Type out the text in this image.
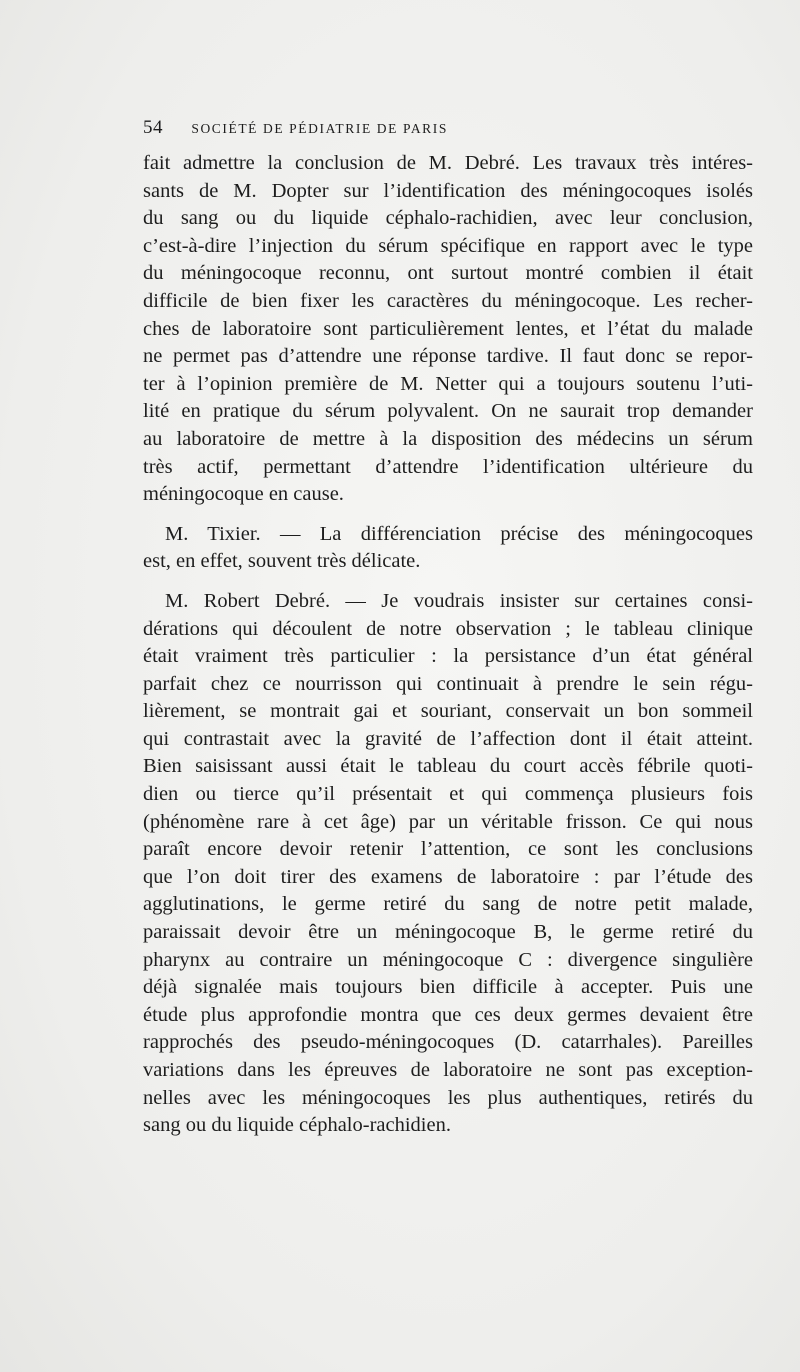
54 SOCIÉTÉ DE PÉDIATRIE DE PARIS
fait admettre la conclusion de M. Debré. Les travaux très intéres-
sants de M. Dopter sur l’identification des méningocoques isolés
du sang ou du liquide céphalo-rachidien, avec leur conclusion,
c’est-à-dire l’injection du sérum spécifique en rapport avec le type
du méningocoque reconnu, ont surtout montré combien il était
difficile de bien fixer les caractères du méningocoque. Les recher-
ches de laboratoire sont particulièrement lentes, et l’état du malade
ne permet pas d’attendre une réponse tardive. Il faut donc se repor-
ter à l’opinion première de M. Netter qui a toujours soutenu l’uti-
lité en pratique du sérum polyvalent. On ne saurait trop demander
au laboratoire de mettre à la disposition des médecins un sérum
très actif, permettant d’attendre l’identification ultérieure du
méningocoque en cause.
M. Tixier. — La différenciation précise des méningocoques
est, en effet, souvent très délicate.
M. Robert Debré. — Je voudrais insister sur certaines consi-
dérations qui découlent de notre observation ; le tableau clinique
était vraiment très particulier : la persistance d’un état général
parfait chez ce nourrisson qui continuait à prendre le sein régu-
lièrement, se montrait gai et souriant, conservait un bon sommeil
qui contrastait avec la gravité de l’affection dont il était atteint.
Bien saisissant aussi était le tableau du court accès fébrile quoti-
dien ou tierce qu’il présentait et qui commença plusieurs fois
(phénomène rare à cet âge) par un véritable frisson. Ce qui nous
paraît encore devoir retenir l’attention, ce sont les conclusions
que l’on doit tirer des examens de laboratoire : par l’étude des
agglutinations, le germe retiré du sang de notre petit malade,
paraissait devoir être un méningocoque B, le germe retiré du
pharynx au contraire un méningocoque C : divergence singulière
déjà signalée mais toujours bien difficile à accepter. Puis une
étude plus approfondie montra que ces deux germes devaient être
rapprochés des pseudo-méningocoques (D. catarrhales). Pareilles
variations dans les épreuves de laboratoire ne sont pas exception-
nelles avec les méningocoques les plus authentiques, retirés du
sang ou du liquide céphalo-rachidien.
